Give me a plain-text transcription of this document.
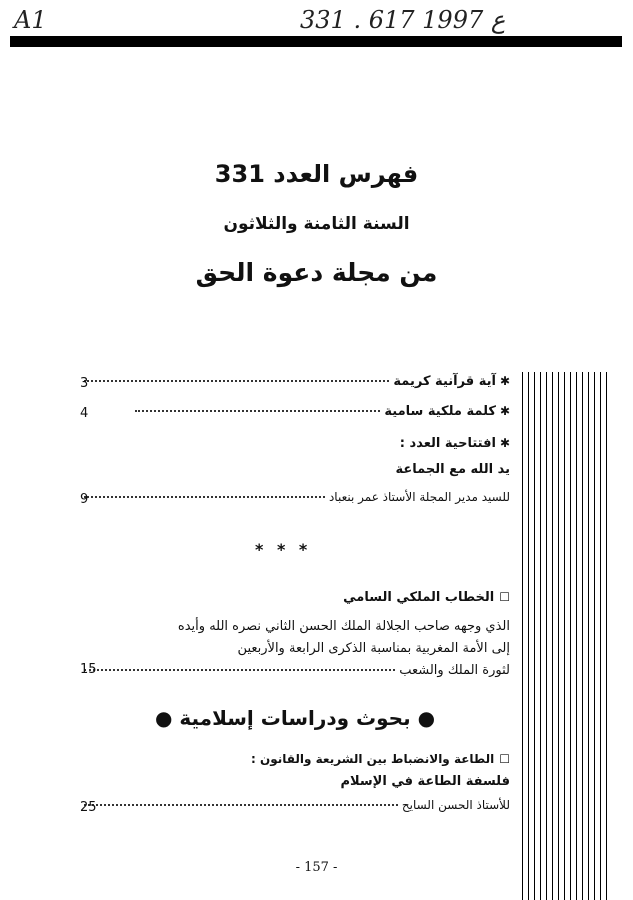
A1	331 . ع 1997 617
فهرس العدد 331
السنة الثامنة والثلاثون
من مجلة دعوة الحق
✱
آية قرآنية كريمة
3
✱
كلمة ملكية سامية
4
✱
افتتاحية العدد :
يد الله مع الجماعة
للسيد مدير المجلة الأستاذ عمر بنعباد
9
* * *
☐
الخطاب الملكي السامي
الذي وجهه صاحب الجلالة الملك الحسن الثاني نصره الله وأيده
إلى الأمة المغربية بمناسبة الذكرى الرابعة والأربعين
لثورة الملك والشعب
15
● بحوث ودراسات إسلامية ●
☐
الطاعة والانضباط بين الشريعة والقانون :
فلسفة الطاعة في الإسلام
للأستاذ الحسن السايح
25
- 157 -
